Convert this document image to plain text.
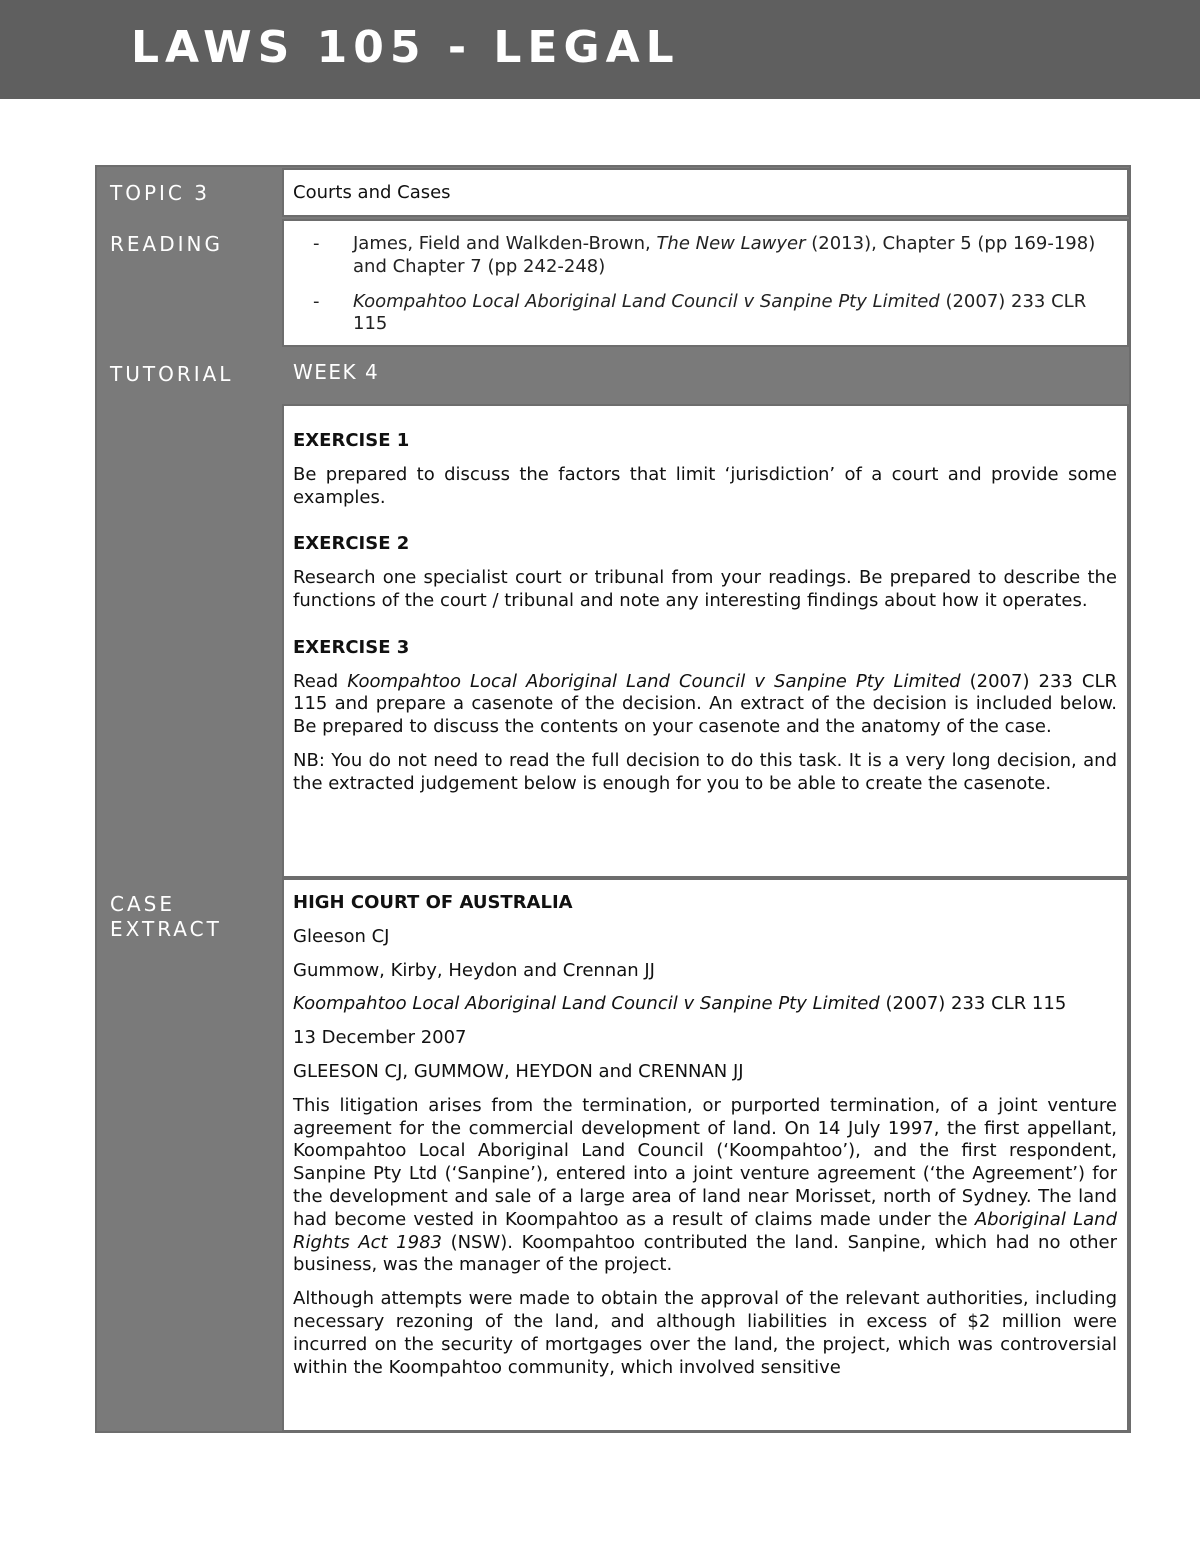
LAWS 105 - LEGAL
TOPIC 3	Courts and Cases
READING	- James, Field and Walkden-Brown, The New Lawyer (2013), Chapter 5 (pp 169-198) and Chapter 7 (pp 242-248)
- Koompahtoo Local Aboriginal Land Council v Sanpine Pty Limited (2007) 233 CLR 115
TUTORIAL	WEEK 4

EXERCISE 1

Be prepared to discuss the factors that limit ‘jurisdiction’ of a court and provide some examples.

EXERCISE 2

Research one specialist court or tribunal from your readings. Be prepared to describe the functions of the court / tribunal and note any interesting findings about how it operates.

EXERCISE 3

Read Koompahtoo Local Aboriginal Land Council v Sanpine Pty Limited (2007) 233 CLR 115 and prepare a casenote of the decision. An extract of the decision is included below. Be prepared to discuss the contents on your casenote and the anatomy of the case.

NB: You do not need to read the full decision to do this task. It is a very long decision, and the extracted judgement below is enough for you to be able to create the casenote.

CASE
EXTRACT

HIGH COURT OF AUSTRALIA

Gleeson CJ

Gummow, Kirby, Heydon and Crennan JJ

Koompahtoo Local Aboriginal Land Council v Sanpine Pty Limited (2007) 233 CLR 115

13 December 2007

GLEESON CJ, GUMMOW, HEYDON and CRENNAN JJ

This litigation arises from the termination, or purported termination, of a joint venture agreement for the commercial development of land. On 14 July 1997, the first appellant, Koompahtoo Local Aboriginal Land Council (‘Koompahtoo’), and the first respondent, Sanpine Pty Ltd (‘Sanpine’), entered into a joint venture agreement (‘the Agreement’) for the development and sale of a large area of land near Morisset, north of Sydney. The land had become vested in Koompahtoo as a result of claims made under the Aboriginal Land Rights Act 1983 (NSW). Koompahtoo contributed the land. Sanpine, which had no other business, was the manager of the project.

Although attempts were made to obtain the approval of the relevant authorities, including necessary rezoning of the land, and although liabilities in excess of $2 million were incurred on the security of mortgages over the land, the project, which was controversial within the Koompahtoo community, which involved sensitive
